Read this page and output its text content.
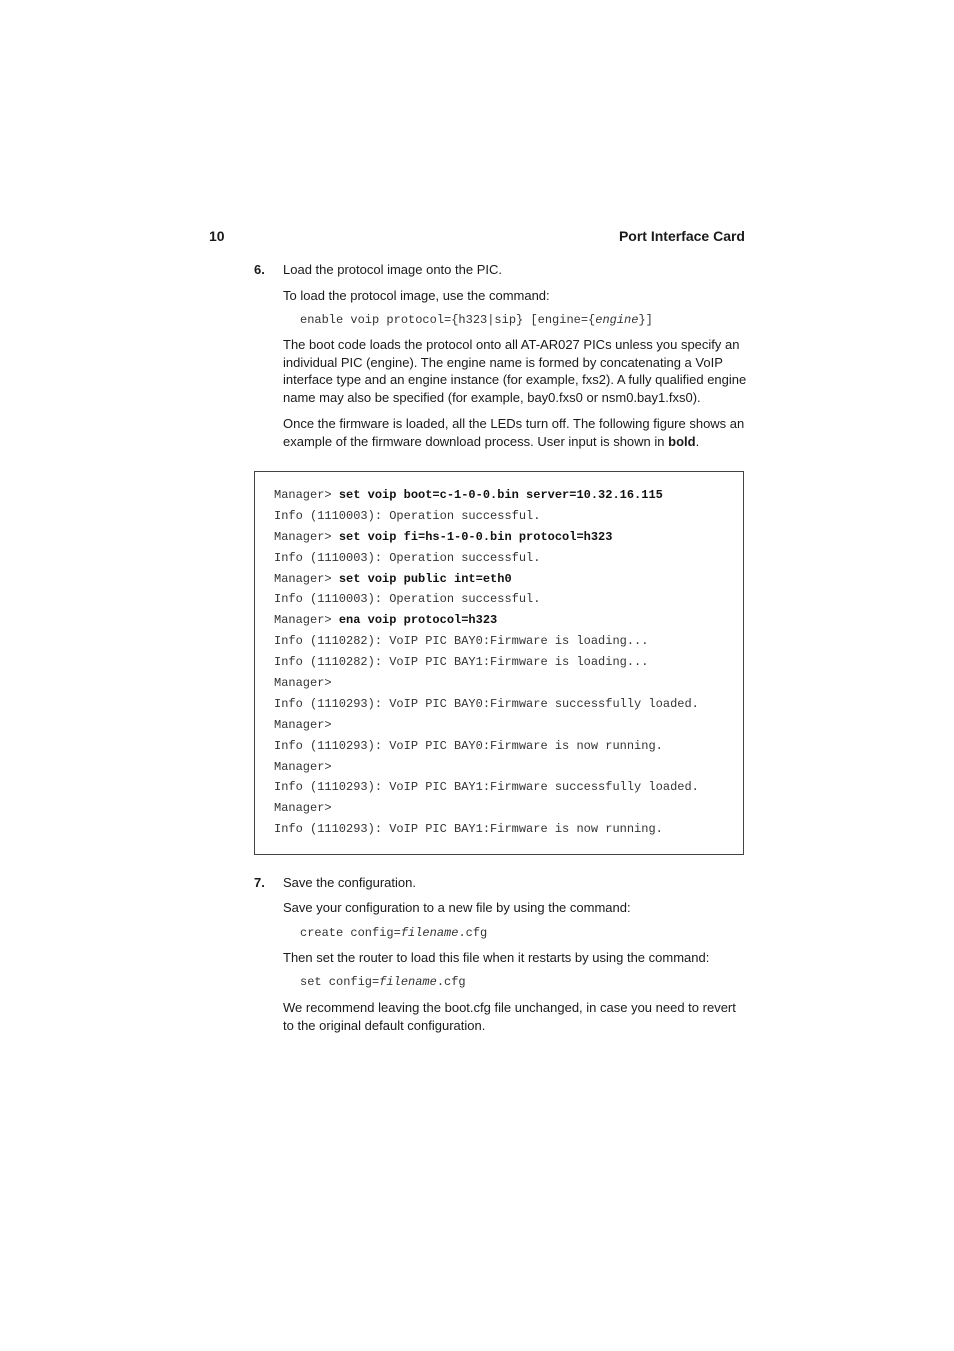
10	Port Interface Card
6. Load the protocol image onto the PIC.

To load the protocol image, use the command:

enable voip protocol={h323|sip} [engine={engine}]

The boot code loads the protocol onto all AT-AR027 PICs unless you specify an individual PIC (engine). The engine name is formed by concatenating a VoIP interface type and an engine instance (for example, fxs2). A fully qualified engine name may also be specified (for example, bay0.fxs0 or nsm0.bay1.fxs0).

Once the firmware is loaded, all the LEDs turn off. The following figure shows an example of the firmware download process. User input is shown in bold.

Manager> set voip boot=c-1-0-0.bin server=10.32.16.115
Info (1110003): Operation successful.
Manager> set voip fi=hs-1-0-0.bin protocol=h323
Info (1110003): Operation successful.
Manager> set voip public int=eth0
Info (1110003): Operation successful.
Manager> ena voip protocol=h323
Info (1110282): VoIP PIC BAY0:Firmware is loading...
Info (1110282): VoIP PIC BAY1:Firmware is loading...
Manager>
Info (1110293): VoIP PIC BAY0:Firmware successfully loaded.
Manager>
Info (1110293): VoIP PIC BAY0:Firmware is now running.
Manager>
Info (1110293): VoIP PIC BAY1:Firmware successfully loaded.
Manager>
Info (1110293): VoIP PIC BAY1:Firmware is now running.
7. Save the configuration.

Save your configuration to a new file by using the command:

create config=filename.cfg

Then set the router to load this file when it restarts by using the command:

set config=filename.cfg

We recommend leaving the boot.cfg file unchanged, in case you need to revert to the original default configuration.
